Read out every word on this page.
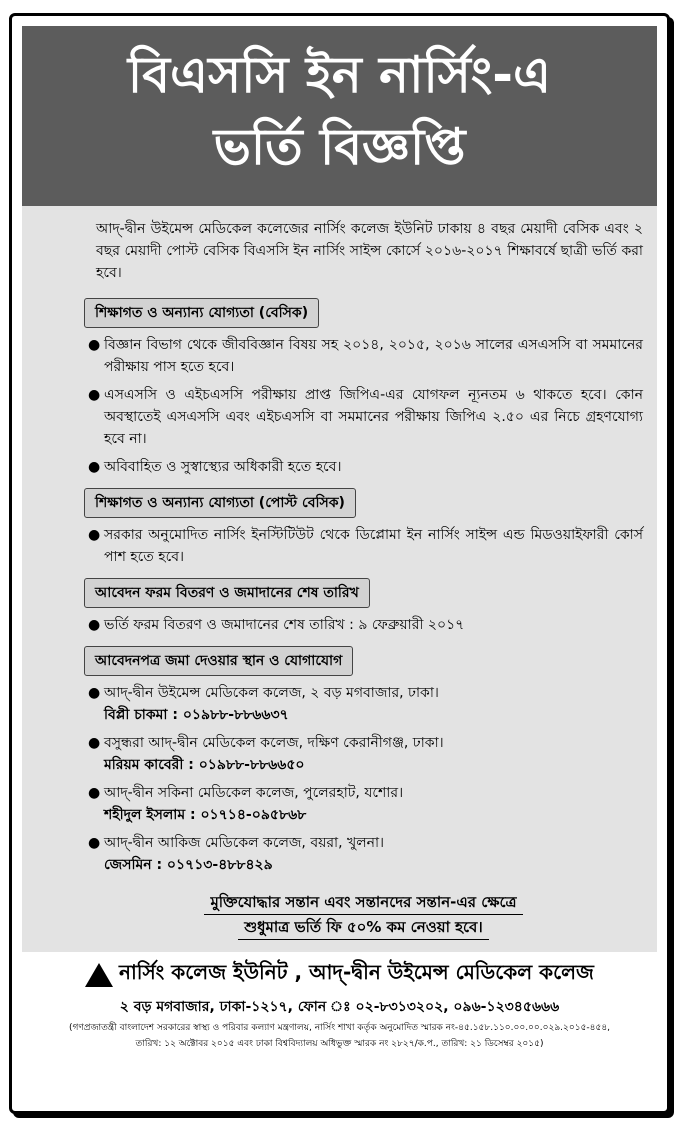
বিএসসি ইন নার্সিং-এ
ভর্তি বিজ্ঞপ্তি

আদ্-দ্বীন উইমেন্স মেডিকেল কলেজের নার্সিং কলেজ ইউনিট ঢাকায় ৪ বছর মেয়াদী বেসিক এবং ২ বছর মেয়াদী পোস্ট বেসিক বিএসসি ইন নার্সিং সাইন্স কোর্সে ২০১৬-২০১৭ শিক্ষাবর্ষে ছাত্রী ভর্তি করা হবে।

শিক্ষাগত ও অন্যান্য যোগ্যতা (বেসিক)
● বিজ্ঞান বিভাগ থেকে জীববিজ্ঞান বিষয় সহ ২০১৪, ২০১৫, ২০১৬ সালের এসএসসি বা সমমানের পরীক্ষায় পাস হতে হবে।
● এসএসসি ও এইচএসসি পরীক্ষায় প্রাপ্ত জিপিএ-এর যোগফল ন্যূনতম ৬ থাকতে হবে। কোন অবস্থাতেই এসএসসি এবং এইচএসসি বা সমমানের পরীক্ষায় জিপিএ ২.৫০ এর নিচে গ্রহণযোগ্য হবে না।
● অবিবাহিত ও সুস্বাস্থ্যের অধিকারী হতে হবে।
শিক্ষাগত ও অন্যান্য যোগ্যতা (পোস্ট বেসিক)
● সরকার অনুমোদিত নার্সিং ইনস্টিটিউট থেকে ডিপ্লোমা ইন নার্সিং সাইন্স এন্ড মিডওয়াইফারী কোর্স পাশ হতে হবে।
আবেদন ফরম বিতরণ ও জমাদানের শেষ তারিখ
● ভর্তি ফরম বিতরণ ও জমাদানের শেষ তারিখ : ৯ ফেব্রুয়ারী ২০১৭
আবেদনপত্র জমা দেওয়ার স্থান ও যোগাযোগ
● আদ্-দ্বীন উইমেন্স মেডিকেল কলেজ, ২ বড় মগবাজার, ঢাকা।
বিপ্লী চাকমা : ০১৯৮৮-৮৮৬৬৩৭
● বসুন্ধরা আদ্-দ্বীন মেডিকেল কলেজ, দক্ষিণ কেরানীগঞ্জ, ঢাকা।
মরিয়ম কাবেরী : ০১৯৮৮-৮৮৬৬৫০
● আদ্-দ্বীন সকিনা মেডিকেল কলেজ, পুলেরহাট, যশোর।
শহীদুল ইসলাম : ০১৭১৪-০৯৫৮৬৮
● আদ্-দ্বীন আকিজ মেডিকেল কলেজ, বয়রা, খুলনা।
জেসমিন : ০১৭১৩-৪৮৮৪২৯
মুক্তিযোদ্ধার সন্তান এবং সন্তানদের সন্তান-এর ক্ষেত্রে
শুধুমাত্র ভর্তি ফি ৫০% কম নেওয়া হবে।
নার্সিং কলেজ ইউনিট , আদ্-দ্বীন উইমেন্স মেডিকেল কলেজ
২ বড় মগবাজার, ঢাকা-১২১৭, ফোন ঃ ০২-৮৩১৩২০২, ০৯৬-১২৩৪৫৬৬৬
(গণপ্রজাতন্ত্রী বাংলাদেশ সরকারের স্বাস্থ্য ও পরিবার কল্যাণ মন্ত্রণালয়, নার্সিং শাখা কর্তৃক অনুমোদিত স্মারক নং-৪৫.১৫৮.১১০.০০.০০.০২৯.২০১৫-৪৫৪,
তারিখ: ১২ অক্টোবর ২০১৫ এবং ঢাকা বিশ্ববিদ্যালয় অধিভুক্ত স্মারক নং ২৮২৭/ক.প., তারিখ: ২১ ডিসেম্বর ২০১৫)
